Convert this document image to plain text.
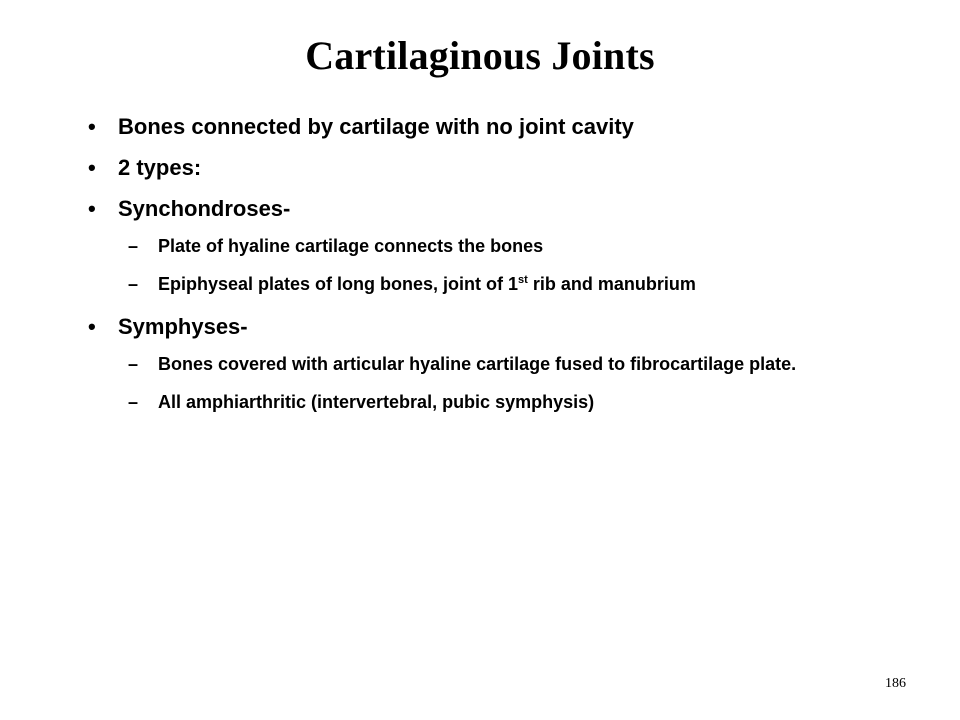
Cartilaginous Joints
• Bones connected by cartilage with no joint cavity
• 2 types:
• Synchondroses-
– Plate of hyaline cartilage connects the bones
– Epiphyseal plates of long bones, joint of 1st rib and manubrium
• Symphyses-
– Bones covered with articular hyaline cartilage fused to fibrocartilage plate.
– All amphiarthritic (intervertebral, pubic symphysis)
186
